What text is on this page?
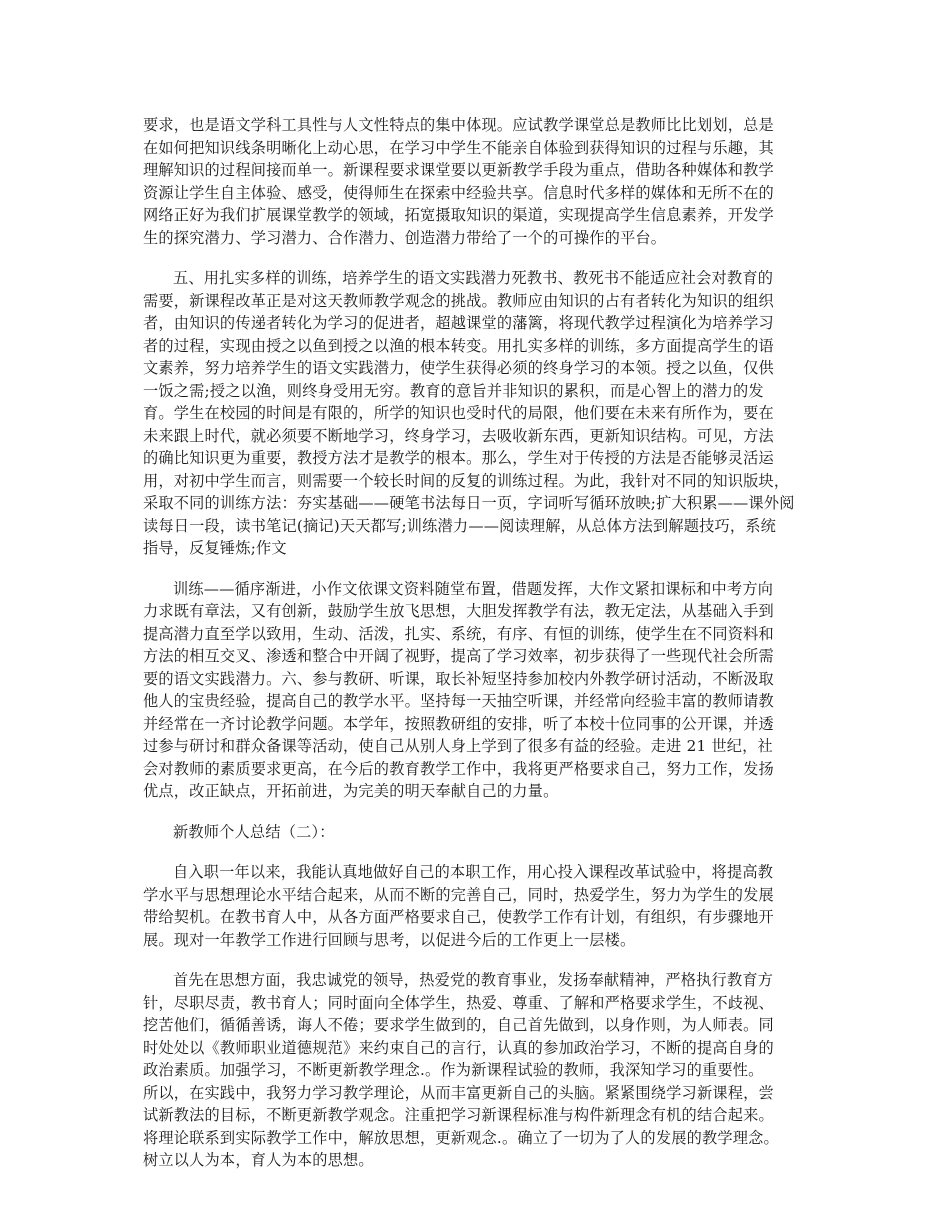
要求，也是语文学科工具性与人文性特点的集中体现。应试教学课堂总是教师比比划划，总是
在如何把知识线条明晰化上动心思，在学习中学生不能亲自体验到获得知识的过程与乐趣，其
理解知识的过程间接而单一。新课程要求课堂要以更新教学手段为重点，借助各种媒体和教学
资源让学生自主体验、感受，使得师生在探索中经验共享。信息时代多样的媒体和无所不在的
网络正好为我们扩展课堂教学的领域，拓宽摄取知识的渠道，实现提高学生信息素养，开发学
生的探究潜力、学习潜力、合作潜力、创造潜力带给了一个的可操作的平台。

五、用扎实多样的训练，培养学生的语文实践潜力死教书、教死书不能适应社会对教育的
需要，新课程改革正是对这天教师教学观念的挑战。教师应由知识的占有者转化为知识的组织
者，由知识的传递者转化为学习的促进者，超越课堂的藩篱，将现代教学过程演化为培养学习
者的过程，实现由授之以鱼到授之以渔的根本转变。用扎实多样的训练，多方面提高学生的语
文素养，努力培养学生的语文实践潜力，使学生获得必须的终身学习的本领。授之以鱼，仅供
一饭之需;授之以渔，则终身受用无穷。教育的意旨并非知识的累积，而是心智上的潜力的发
育。学生在校园的时间是有限的，所学的知识也受时代的局限，他们要在未来有所作为，要在
未来跟上时代，就必须要不断地学习，终身学习，去吸收新东西，更新知识结构。可见，方法
的确比知识更为重要，教授方法才是教学的根本。那么，学生对于传授的方法是否能够灵活运
用，对初中学生而言，则需要一个较长时间的反复的训练过程。为此，我针对不同的知识版块，
采取不同的训练方法：夯实基础——硬笔书法每日一页，字词听写循环放映;扩大积累——课外阅
读每日一段，读书笔记(摘记)天天都写;训练潜力——阅读理解，从总体方法到解题技巧，系统
指导，反复锤炼;作文

训练——循序渐进，小作文依课文资料随堂布置，借题发挥，大作文紧扣课标和中考方向
力求既有章法，又有创新，鼓励学生放飞思想，大胆发挥教学有法，教无定法，从基础入手到
提高潜力直至学以致用，生动、活泼，扎实、系统，有序、有恒的训练，使学生在不同资料和
方法的相互交叉、渗透和整合中开阔了视野，提高了学习效率，初步获得了一些现代社会所需
要的语文实践潜力。六、参与教研、听课，取长补短坚持参加校内外教学研讨活动，不断汲取
他人的宝贵经验，提高自己的教学水平。坚持每一天抽空听课，并经常向经验丰富的教师请教
并经常在一齐讨论教学问题。本学年，按照教研组的安排，听了本校十位同事的公开课，并透
过参与研讨和群众备课等活动，使自己从别人身上学到了很多有益的经验。走进 21 世纪，社
会对教师的素质要求更高，在今后的教育教学工作中，我将更严格要求自己，努力工作，发扬
优点，改正缺点，开拓前进，为完美的明天奉献自己的力量。

新教师个人总结（二）：

自入职一年以来，我能认真地做好自己的本职工作，用心投入课程改革试验中，将提高教
学水平与思想理论水平结合起来，从而不断的完善自己，同时，热爱学生，努力为学生的发展
带给契机。在教书育人中，从各方面严格要求自己，使教学工作有计划，有组织，有步骤地开
展。现对一年教学工作进行回顾与思考，以促进今后的工作更上一层楼。

首先在思想方面，我忠诚党的领导，热爱党的教育事业，发扬奉献精神，严格执行教育方
针，尽职尽责，教书育人；同时面向全体学生，热爱、尊重、了解和严格要求学生，不歧视、
挖苦他们，循循善诱，诲人不倦；要求学生做到的，自己首先做到，以身作则，为人师表。同
时处处以《教师职业道德规范》来约束自己的言行，认真的参加政治学习，不断的提高自身的
政治素质。加强学习，不断更新教学理念.。作为新课程试验的教师，我深知学习的重要性。
所以，在实践中，我努力学习教学理论，从而丰富更新自己的头脑。紧紧围绕学习新课程，尝
试新教法的目标，不断更新教学观念。注重把学习新课程标准与构件新理念有机的结合起来。
将理论联系到实际教学工作中，解放思想，更新观念.。确立了一切为了人的发展的教学理念。
树立以人为本，育人为本的思想。
